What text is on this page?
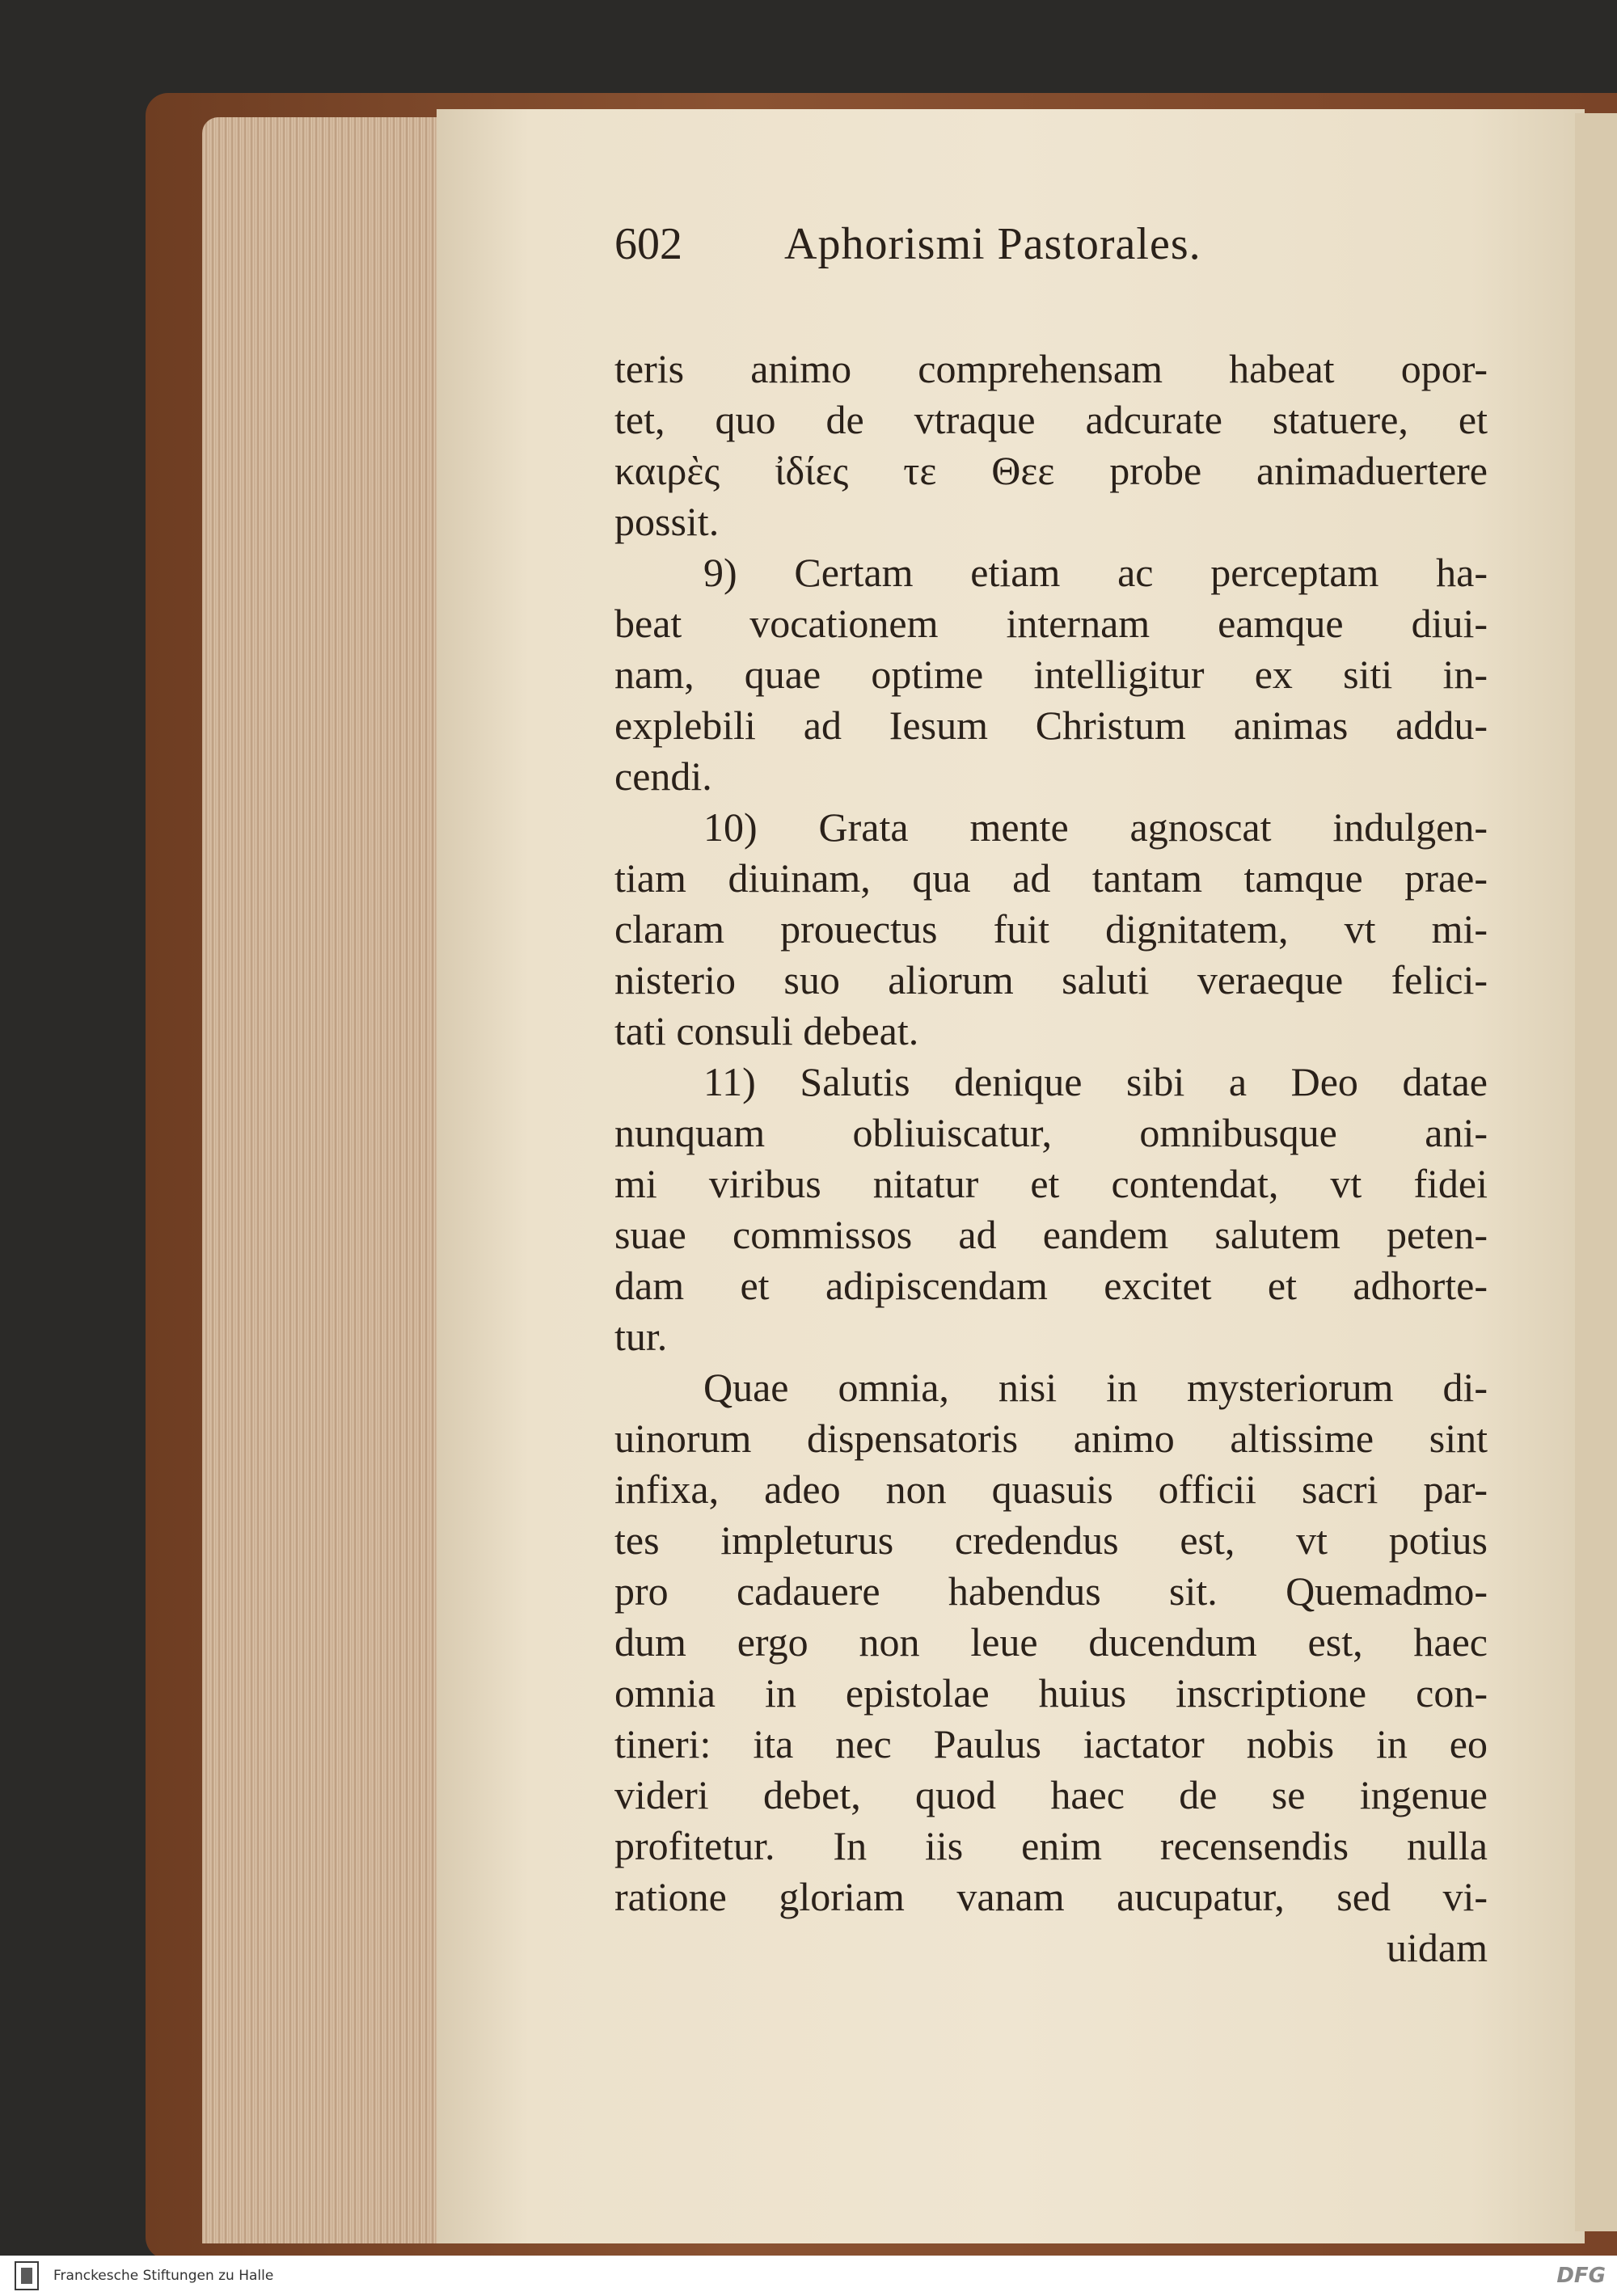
602	Aphorismi Pastorales.
teris animo comprehensam habeat opor-
tet, quo de vtraque adcurate statuere, et
καιρὲς ἰδίες τε Θεε probe animaduertere
possit.
9) Certam etiam ac perceptam ha-
beat vocationem internam eamque diui-
nam, quae optime intelligitur ex siti in-
explebili ad Iesum Christum animas addu-
cendi.
10) Grata mente agnoscat indulgen-
tiam diuinam, qua ad tantam tamque prae-
claram prouectus fuit dignitatem, vt mi-
nisterio suo aliorum saluti veraeque felici-
tati consuli debeat.
11) Salutis denique sibi a Deo datae
nunquam obliuiscatur, omnibusque ani-
mi viribus nitatur et contendat, vt fidei
suae commissos ad eandem salutem peten-
dam et adipiscendam excitet et adhorte-
tur.
Quae omnia, nisi in mysteriorum di-
uinorum dispensatoris animo altissime sint
infixa, adeo non quasuis officii sacri par-
tes impleturus credendus est, vt potius
pro cadauere habendus sit. Quemadmo-
dum ergo non leue ducendum est, haec
omnia in epistolae huius inscriptione con-
tineri: ita nec Paulus iactator nobis in eo
videri debet, quod haec de se ingenue
profitetur. In iis enim recensendis nulla
ratione gloriam vanam aucupatur, sed vi-
uidam
Franckesche Stiftungen zu Halle	DFG
